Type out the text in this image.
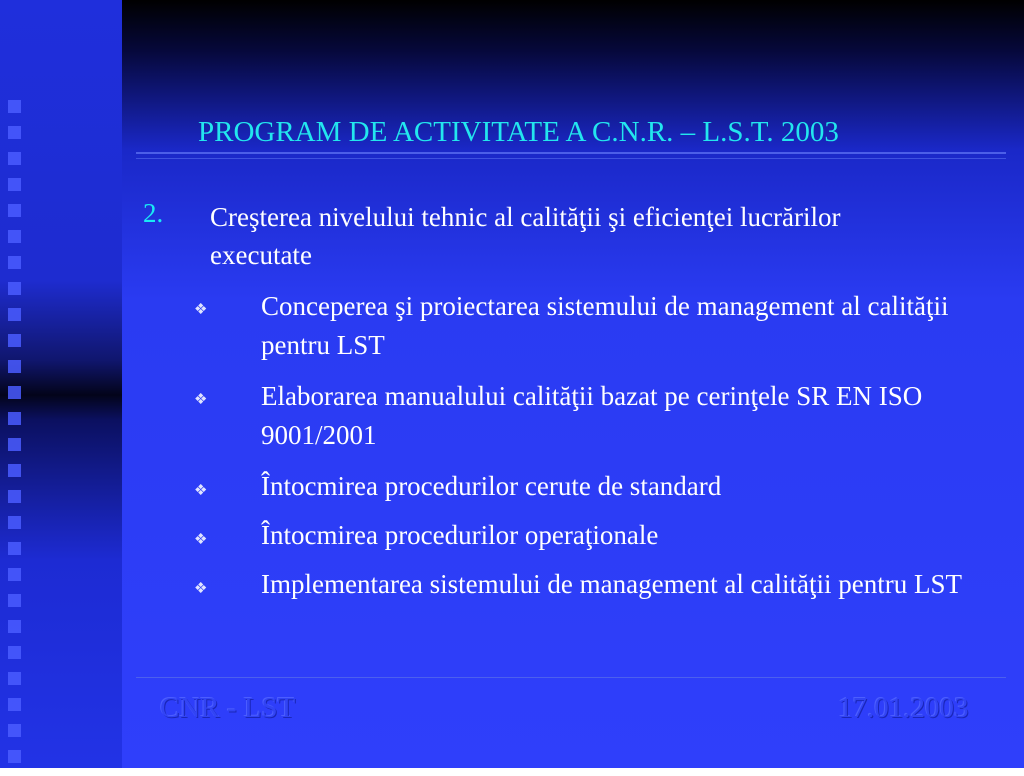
PROGRAM DE ACTIVITATE A C.N.R. – L.S.T. 2003
2. Creşterea nivelului tehnic al calităţii şi eficienţei lucrărilor executate
❖ Conceperea şi proiectarea sistemului de management al calităţii pentru LST
❖ Elaborarea manualului calităţii bazat pe cerinţele SR EN ISO 9001/2001
❖ Întocmirea procedurilor cerute de standard
❖ Întocmirea procedurilor operaţionale
❖ Implementarea sistemului de management al calităţii pentru LST
CNR - LST	17.01.2003
